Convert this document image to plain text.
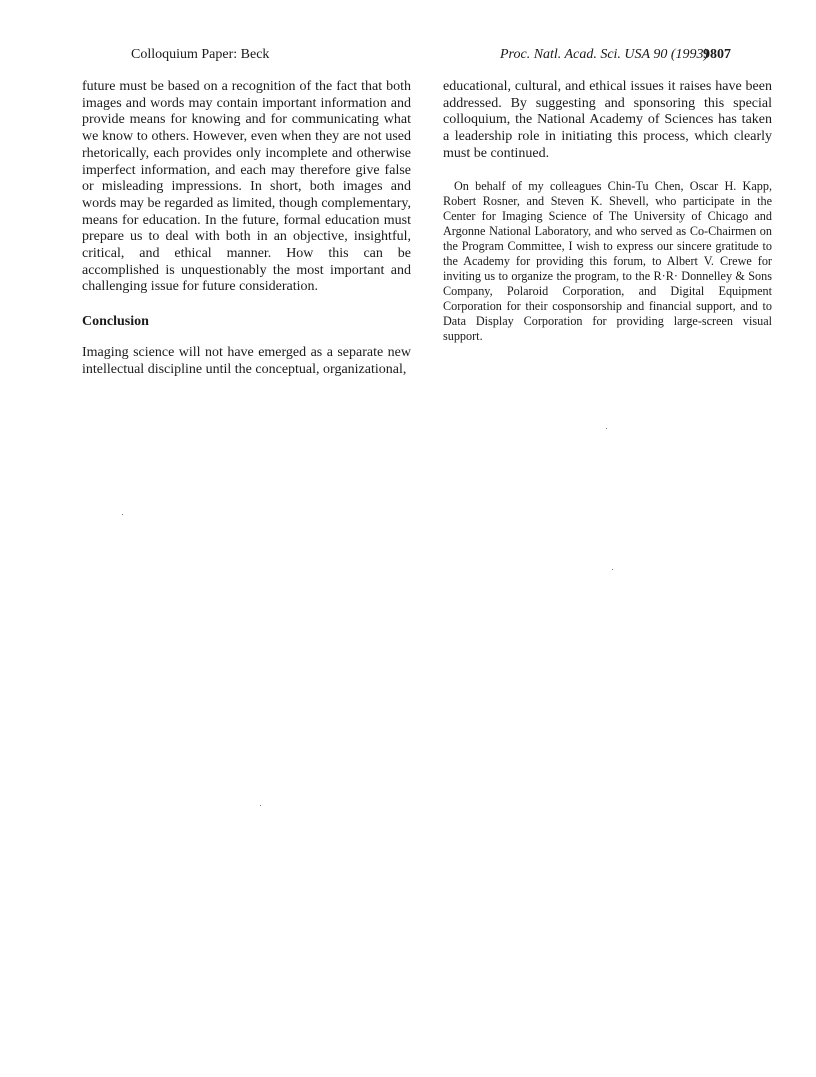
Colloquium Paper: Beck	Proc. Natl. Acad. Sci. USA 90 (1993)
9807

future must be based on a recognition of the fact that both images and words may contain important information and provide means for knowing and for communicating what we know to others. However, even when they are not used rhetorically, each provides only incomplete and otherwise imperfect information, and each may therefore give false or misleading impressions. In short, both images and words may be regarded as limited, though complementary, means for education. In the future, formal education must prepare us to deal with both in an objective, insightful, critical, and ethical manner. How this can be accomplished is unquestionably the most important and challenging issue for future consideration.

Conclusion

Imaging science will not have emerged as a separate new intellectual discipline until the conceptual, organizational,

educational, cultural, and ethical issues it raises have been addressed. By suggesting and sponsoring this special colloquium, the National Academy of Sciences has taken a leadership role in initiating this process, which clearly must be continued.

On behalf of my colleagues Chin-Tu Chen, Oscar H. Kapp, Robert Rosner, and Steven K. Shevell, who participate in the Center for Imaging Science of The University of Chicago and Argonne National Laboratory, and who served as Co-Chairmen on the Program Committee, I wish to express our sincere gratitude to the Academy for providing this forum, to Albert V. Crewe for inviting us to organize the program, to the R·R· Donnelley & Sons Company, Polaroid Corporation, and Digital Equipment Corporation for their cosponsorship and financial support, and to Data Display Corporation for providing large-screen visual support.
